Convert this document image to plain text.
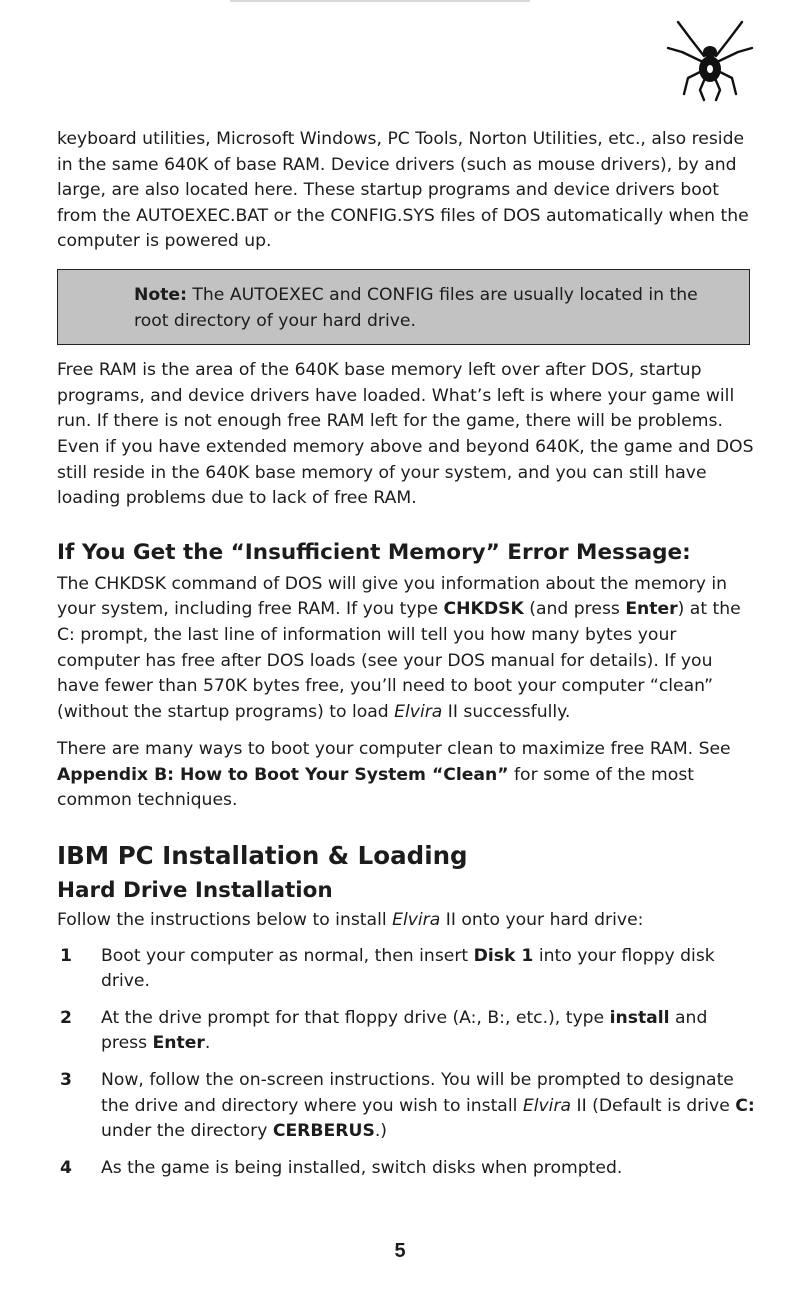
keyboard utilities, Microsoft Windows, PC Tools, Norton Utilities, etc., also reside in the same 640K of base RAM. Device drivers (such as mouse drivers), by and large, are also located here. These startup programs and device drivers boot from the AUTOEXEC.BAT or the CONFIG.SYS files of DOS automatically when the computer is powered up.

Note: The AUTOEXEC and CONFIG files are usually located in the root directory of your hard drive.

Free RAM is the area of the 640K base memory left over after DOS, startup programs, and device drivers have loaded. What’s left is where your game will run. If there is not enough free RAM left for the game, there will be problems. Even if you have extended memory above and beyond 640K, the game and DOS still reside in the 640K base memory of your system, and you can still have loading problems due to lack of free RAM.

If You Get the “Insufficient Memory” Error Message:

The CHKDSK command of DOS will give you information about the memory in your system, including free RAM. If you type CHKDSK (and press Enter) at the C: prompt, the last line of information will tell you how many bytes your computer has free after DOS loads (see your DOS manual for details). If you have fewer than 570K bytes free, you’ll need to boot your computer “clean” (without the startup programs) to load Elvira II successfully.

There are many ways to boot your computer clean to maximize free RAM. See Appendix B: How to Boot Your System “Clean” for some of the most common techniques.

IBM PC Installation & Loading
Hard Drive Installation

Follow the instructions below to install Elvira II onto your hard drive:

1	Boot your computer as normal, then insert Disk 1 into your floppy disk drive.
2	At the drive prompt for that floppy drive (A:, B:, etc.), type install and press Enter.
3	Now, follow the on-screen instructions. You will be prompted to designate the drive and directory where you wish to install Elvira II (Default is drive C: under the directory CERBERUS.)
4	As the game is being installed, switch disks when prompted.
5
